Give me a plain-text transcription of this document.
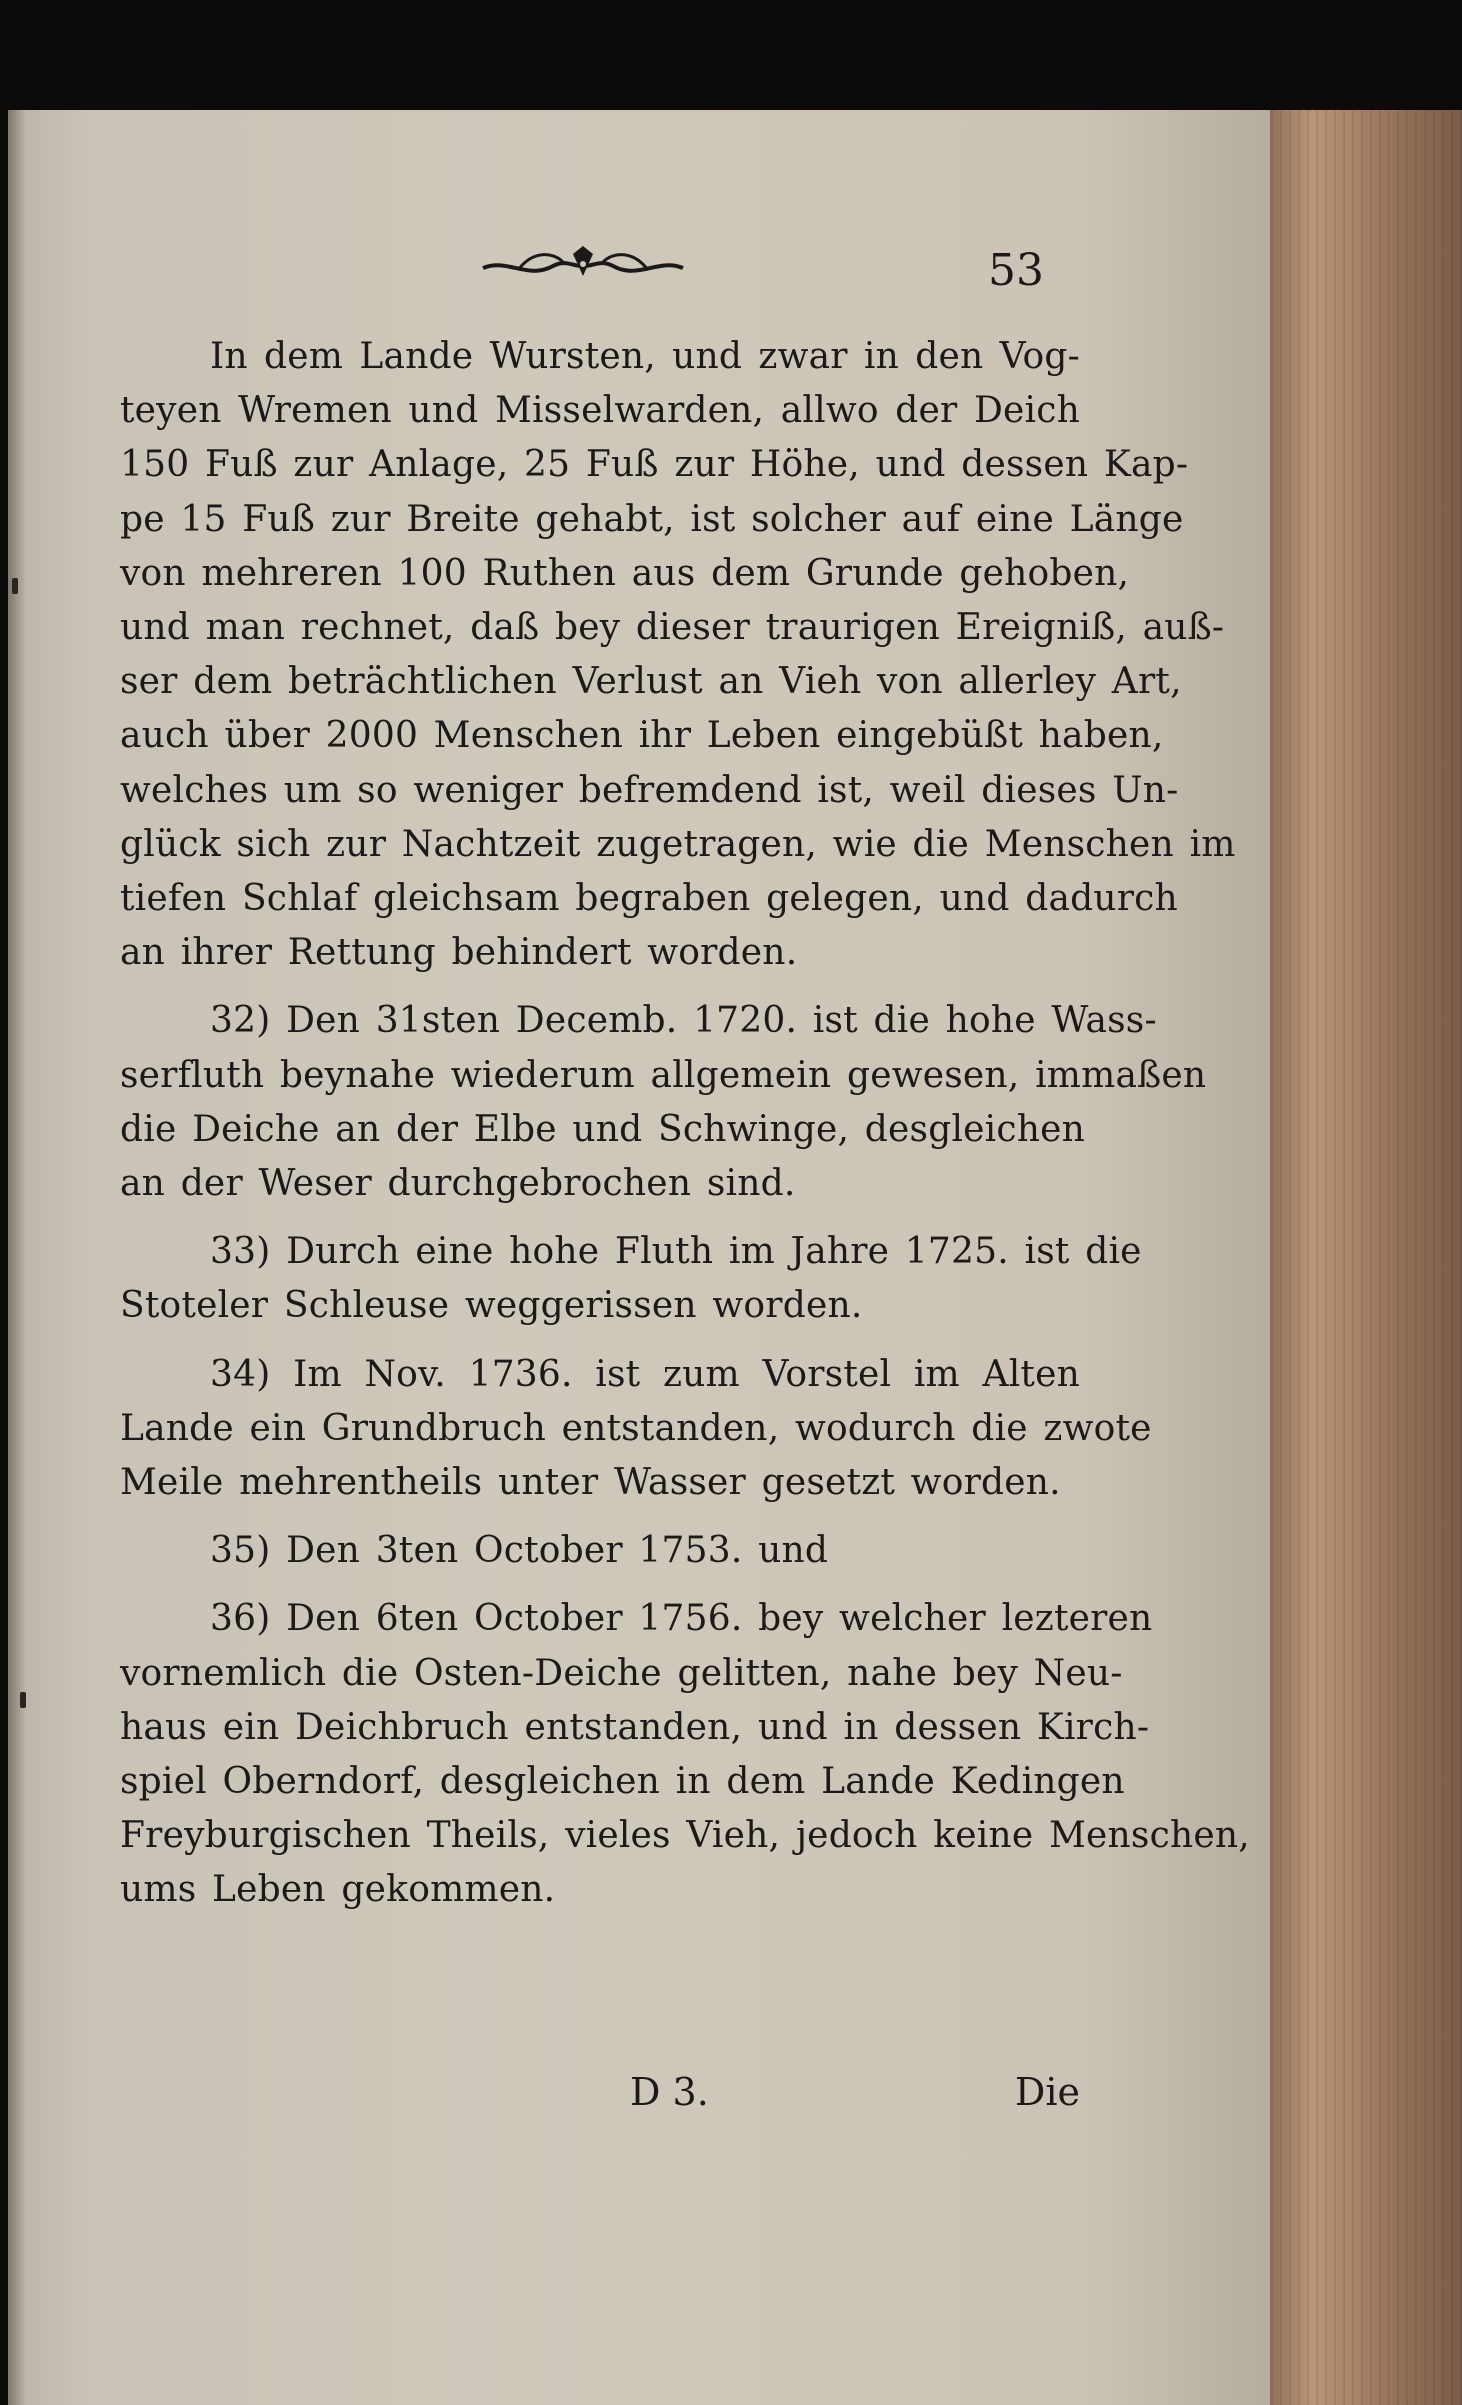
53
In dem Lande Wursten, und zwar in den Vog‑
teyen Wremen und Misselwarden, allwo der Deich
150 Fuß zur Anlage, 25 Fuß zur Höhe, und dessen Kap‑
pe 15 Fuß zur Breite gehabt, ist solcher auf eine Länge
von mehreren 100 Ruthen aus dem Grunde gehoben,
und man rechnet, daß bey dieser traurigen Ereigniß, auß‑
ser dem beträchtlichen Verlust an Vieh von allerley Art,
auch über 2000 Menschen ihr Leben eingebüßt haben,
welches um so weniger befremdend ist, weil dieses Un‑
glück sich zur Nachtzeit zugetragen, wie die Menschen im
tiefen Schlaf gleichsam begraben gelegen, und dadurch
an ihrer Rettung behindert worden.
32) Den 31sten Decemb. 1720. ist die hohe Wass‑
serfluth beynahe wiederum allgemein gewesen, immaßen
die Deiche an der Elbe und Schwinge, desgleichen
an der Weser durchgebrochen sind.
33) Durch eine hohe Fluth im Jahre 1725. ist die
Stoteler Schleuse weggerissen worden.
34) Im Nov. 1736. ist zum Vorstel im Alten
Lande ein Grundbruch entstanden, wodurch die zwote
Meile mehrentheils unter Wasser gesetzt worden.
35) Den 3ten October 1753. und
36) Den 6ten October 1756. bey welcher lezteren
vornemlich die Osten‑Deiche gelitten, nahe bey Neu‑
haus ein Deichbruch entstanden, und in dessen Kirch‑
spiel Oberndorf, desgleichen in dem Lande Kedingen
Freyburgischen Theils, vieles Vieh, jedoch keine Menschen,
ums Leben gekommen.
D 3.	Die
